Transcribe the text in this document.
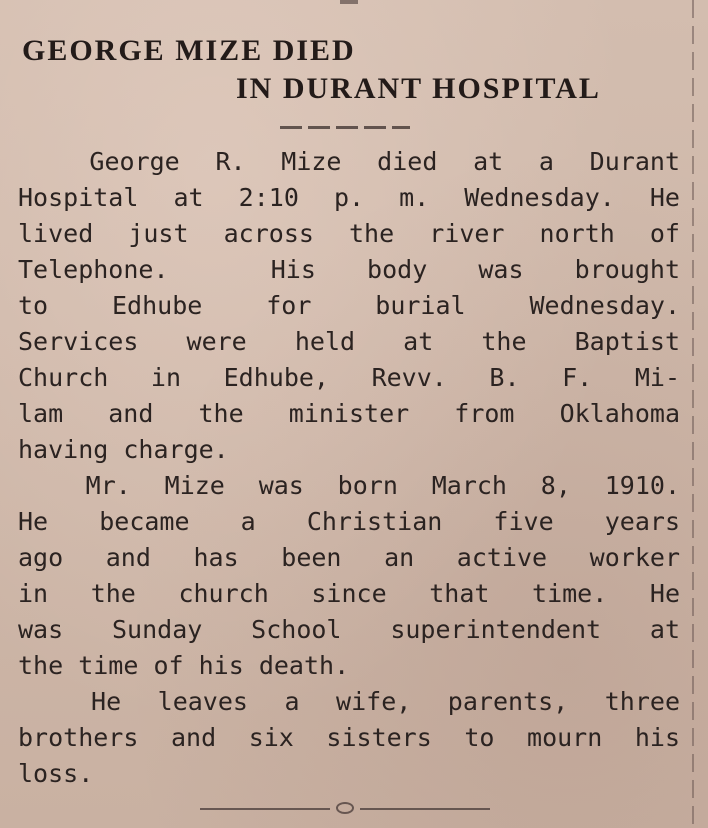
GEORGE MIZE DIED
IN DURANT HOSPITAL
George R. Mize died at a Durant
Hospital at 2:10 p. m. Wednesday. He
lived just across the river north of
Telephone.  His body was brought
to Edhube for burial Wednesday.
Services were held at the Baptist
Church in Edhube, Revv. B. F. Mi-
lam and the minister from Oklahoma
having charge.
Mr. Mize was born March 8, 1910.
He became a Christian five years
ago and has been an active worker
in the church since that time. He
was Sunday School superintendent at
the time of his death.
He leaves a wife, parents, three
brothers and six sisters to mourn his
loss.
